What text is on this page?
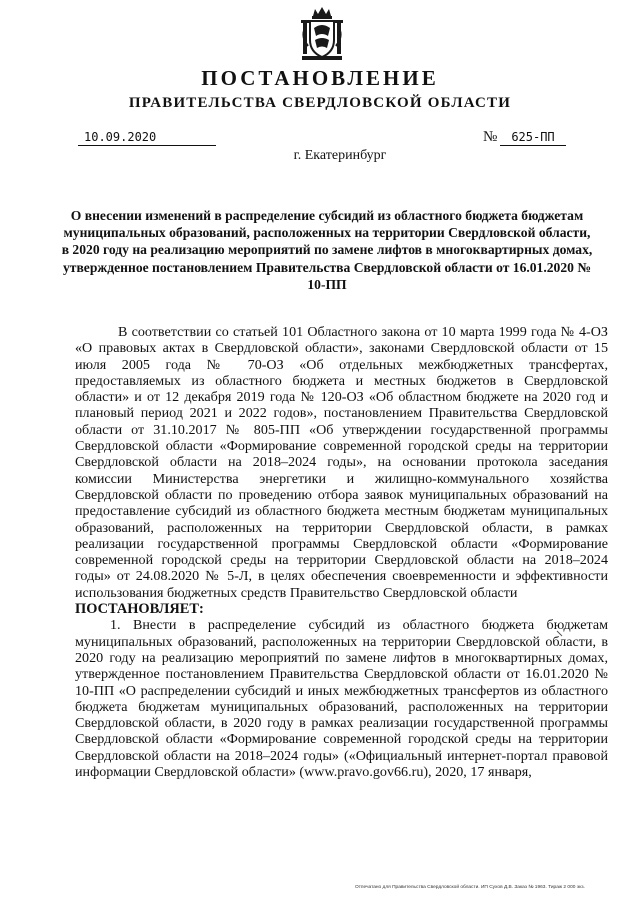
ПОСТАНОВЛЕНИЕ
ПРАВИТЕЛЬСТВА СВЕРДЛОВСКОЙ ОБЛАСТИ
10.09.2020	№	625-ПП
г. Екатеринбург
О внесении изменений в распределение субсидий из областного бюджета бюджетам муниципальных образований, расположенных на территории Свердловской области, в 2020 году на реализацию мероприятий по замене лифтов в многоквартирных домах, утвержденное постановлением Правительства Свердловской области от 16.01.2020 № 10-ПП

В соответствии со статьей 101 Областного закона от 10 марта 1999 года № 4-ОЗ «О правовых актах в Свердловской области», законами Свердловской области от 15 июля 2005 года № 70-ОЗ «Об отдельных межбюджетных трансфертах, предоставляемых из областного бюджета и местных бюджетов в Свердловской области» и от 12 декабря 2019 года № 120-ОЗ «Об областном бюджете на 2020 год и плановый период 2021 и 2022 годов», постановлением Правительства Свердловской области от 31.10.2017 № 805-ПП «Об утверждении государственной программы Свердловской области «Формирование современной городской среды на территории Свердловской области на 2018–2024 годы», на основании протокола заседания комиссии Министерства энергетики и жилищно-коммунального хозяйства Свердловской области по проведению отбора заявок муниципальных образований на предоставление субсидий из областного бюджета местным бюджетам муниципальных образований, расположенных на территории Свердловской области, в рамках реализации государственной программы Свердловской области «Формирование современной городской среды на территории Свердловской области на 2018–2024 годы» от 24.08.2020 № 5-Л, в целях обеспечения своевременности и эффективности использования бюджетных средств Правительство Свердловской области

ПОСТАНОВЛЯЕТ:

1. Внести в распределение субсидий из областного бюджета бюджетам муниципальных образований, расположенных на территории Свердловской области, в 2020 году на реализацию мероприятий по замене лифтов в многоквартирных домах, утвержденное постановлением Правительства Свердловской области от 16.01.2020 № 10-ПП «О распределении субсидий и иных межбюджетных трансфертов из областного бюджета бюджетам муниципальных образований, расположенных на территории Свердловской области, в 2020 году в рамках реализации государственной программы Свердловской области «Формирование современной городской среды на территории Свердловской области на 2018–2024 годы» («Официальный интернет-портал правовой информации Свердловской области» (www.pravo.gov66.ru), 2020, 17 января,

Отпечатано для Правительства Свердловской области. ИП Сухов Д.В. Заказ № 1963. Тираж 2 000 экз.
